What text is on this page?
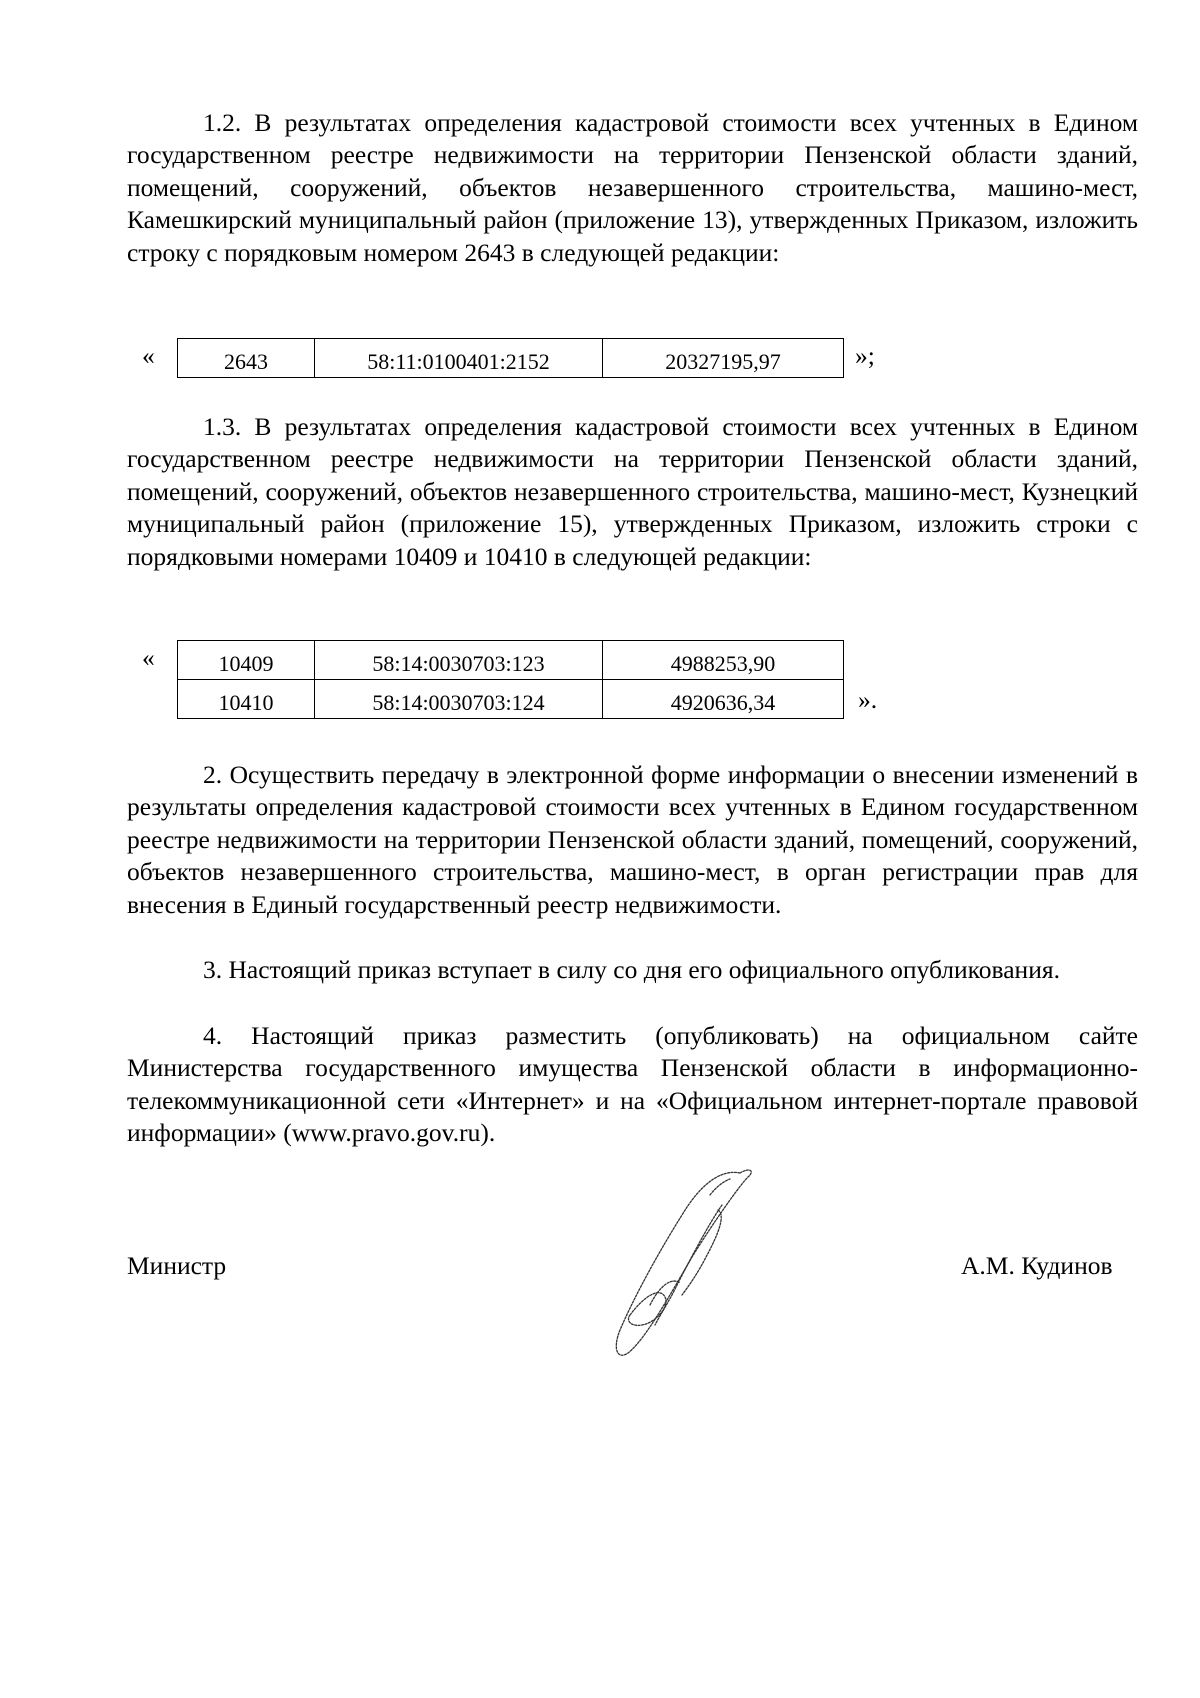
1.2. В результатах определения кадастровой стоимости всех учтенных в Едином государственном реестре недвижимости на территории Пензенской области зданий, помещений, сооружений, объектов незавершенного строительства, машино-мест, Камешкирский муниципальный район (приложение 13), утвержденных Приказом, изложить строку с порядковым номером 2643 в следующей редакции:

«	2643	58:11:0100401:2152	20327195,97	»;

1.3. В результатах определения кадастровой стоимости всех учтенных в Едином государственном реестре недвижимости на территории Пензенской области зданий, помещений, сооружений, объектов незавершенного строительства, машино-мест, Кузнецкий муниципальный район (приложение 15), утвержденных Приказом, изложить строки с порядковыми номерами 10409 и 10410 в следующей редакции:

«	10409	58:14:0030703:123	4988253,90
10410	58:14:0030703:124	4920636,34	».

2. Осуществить передачу в электронной форме информации о внесении изменений в результаты определения кадастровой стоимости всех учтенных в Едином государственном реестре недвижимости на территории Пензенской области зданий, помещений, сооружений, объектов незавершенного строительства, машино-мест, в орган регистрации прав для внесения в Единый государственный реестр недвижимости.

3. Настоящий приказ вступает в силу со дня его официального опубликования.

4. Настоящий приказ разместить (опубликовать) на официальном сайте Министерства государственного имущества Пензенской области в информационно-телекоммуникационной сети «Интернет» и на «Официальном интернет-портале правовой информации» (www.pravo.gov.ru).

Министр	А.М. Кудинов
